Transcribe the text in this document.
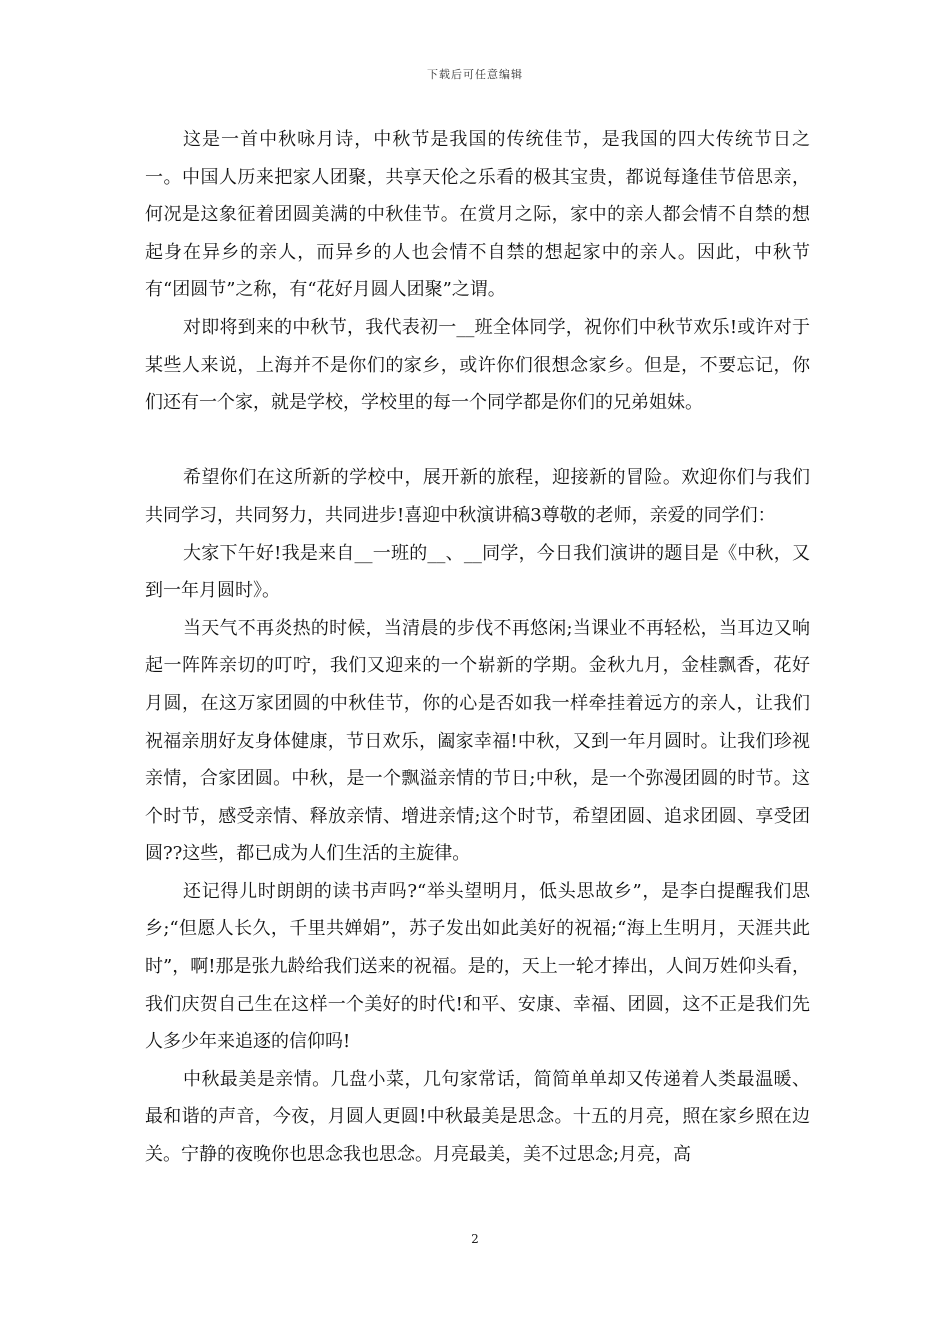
下载后可任意编辑

这是一首中秋咏月诗，中秋节是我国的传统佳节，是我国的四大传统节日之一。中国人历来把家人团聚，共享天伦之乐看的极其宝贵，都说每逢佳节倍思亲，何况是这象征着团圆美满的中秋佳节。在赏月之际，家中的亲人都会情不自禁的想起身在异乡的亲人，而异乡的人也会情不自禁的想起家中的亲人。因此，中秋节有“团圆节”之称，有“花好月圆人团聚”之谓。

对即将到来的中秋节，我代表初一__班全体同学，祝你们中秋节欢乐!或许对于某些人来说，上海并不是你们的家乡，或许你们很想念家乡。但是，不要忘记，你们还有一个家，就是学校，学校里的每一个同学都是你们的兄弟姐妹。

希望你们在这所新的学校中，展开新的旅程，迎接新的冒险。欢迎你们与我们共同学习，共同努力，共同进步!喜迎中秋演讲稿3尊敬的老师，亲爱的同学们：

大家下午好!我是来自__一班的__、__同学，今日我们演讲的题目是《中秋，又到一年月圆时》。

当天气不再炎热的时候，当清晨的步伐不再悠闲;当课业不再轻松，当耳边又响起一阵阵亲切的叮咛，我们又迎来的一个崭新的学期。金秋九月，金桂飘香，花好月圆，在这万家团圆的中秋佳节，你的心是否如我一样牵挂着远方的亲人，让我们祝福亲朋好友身体健康，节日欢乐，阖家幸福!中秋，又到一年月圆时。让我们珍视亲情，合家团圆。中秋，是一个飘溢亲情的节日;中秋，是一个弥漫团圆的时节。这个时节，感受亲情、释放亲情、增进亲情;这个时节，希望团圆、追求团圆、享受团圆??这些，都已成为人们生活的主旋律。

还记得儿时朗朗的读书声吗?“举头望明月，低头思故乡”，是李白提醒我们思乡;“但愿人长久，千里共婵娟”，苏子发出如此美好的祝福;“海上生明月，天涯共此时”，啊!那是张九龄给我们送来的祝福。是的，天上一轮才捧出，人间万姓仰头看，我们庆贺自己生在这样一个美好的时代!和平、安康、幸福、团圆，这不正是我们先人多少年来追逐的信仰吗!

中秋最美是亲情。几盘小菜，几句家常话，简简单单却又传递着人类最温暖、最和谐的声音，今夜，月圆人更圆!中秋最美是思念。十五的月亮，照在家乡照在边关。宁静的夜晚你也思念我也思念。月亮最美，美不过思念;月亮，高

2
